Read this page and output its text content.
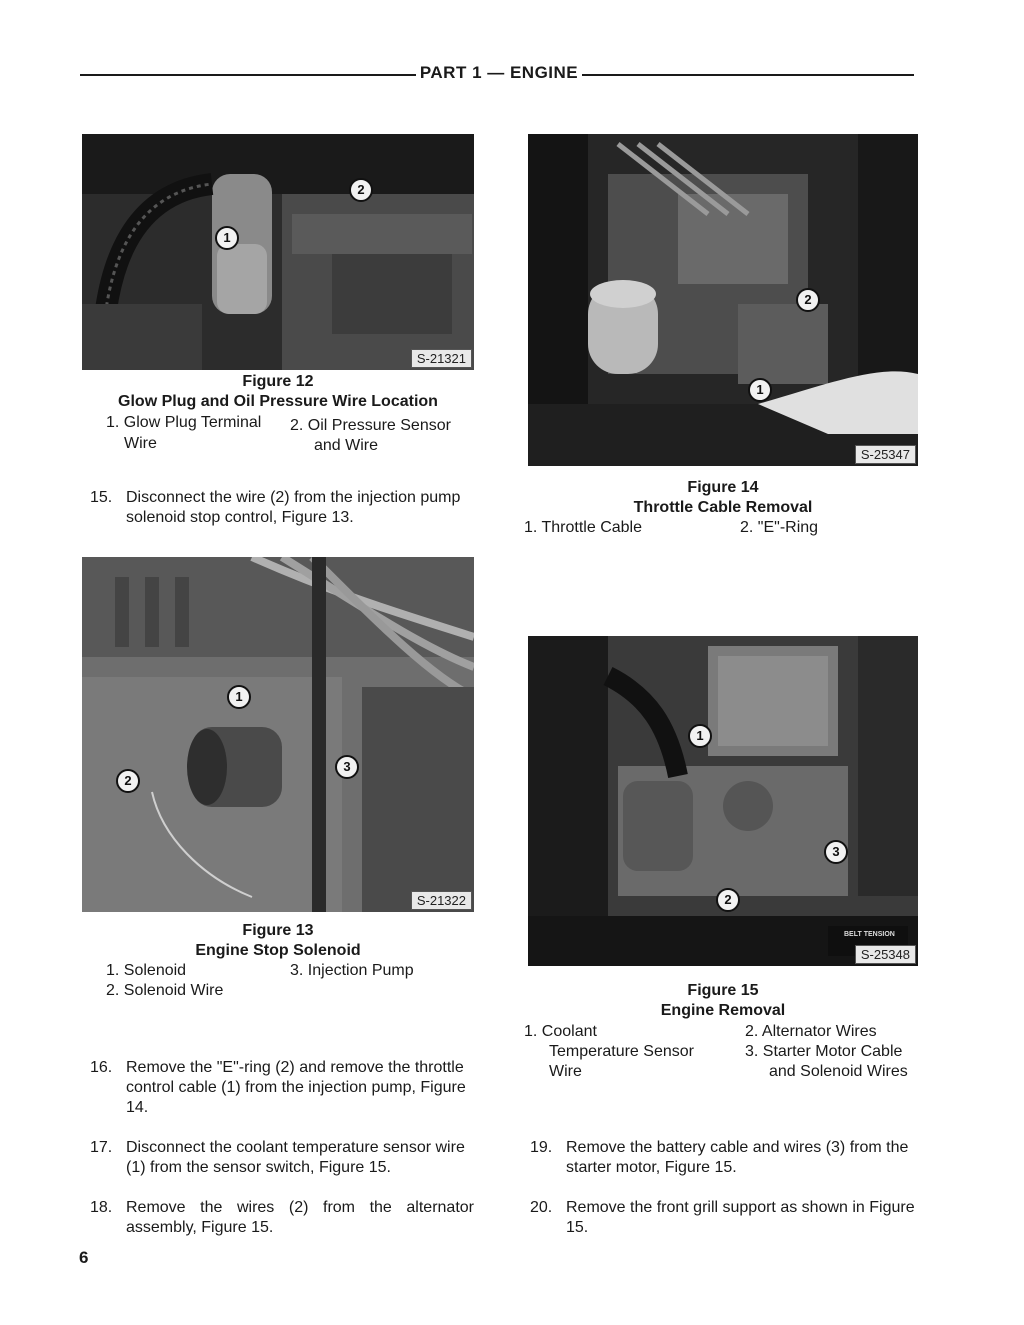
PART 1 — ENGINE
1
2
S-21321
Figure 12
Glow Plug and Oil Pressure Wire Location
1. Glow Plug Terminal
Wire
2. Oil Pressure Sensor
and Wire
15. Disconnect the wire (2) from the injection pump solenoid stop control, Figure 13.
1
2
S-25347
Figure 14
Throttle Cable Removal
1. Throttle Cable	2. "E"-Ring
1
2
3
S-21322
Figure 13
Engine Stop Solenoid
1. Solenoid	3. Injection Pump
2. Solenoid Wire
1
2
3
BELT TENSION
S-25348
Figure 15
Engine Removal
1. Coolant
Temperature Sensor
Wire
2. Alternator Wires
3. Starter Motor Cable
and Solenoid Wires
16. Remove the "E"-ring (2) and remove the throttle control cable (1) from the injection pump, Figure 14.
17. Disconnect the coolant temperature sensor wire (1) from the sensor switch, Figure 15.
18. Remove the wires (2) from the alternator assembly, Figure 15.
19. Remove the battery cable and wires (3) from the starter motor, Figure 15.
20. Remove the front grill support as shown in Figure 15.
6
